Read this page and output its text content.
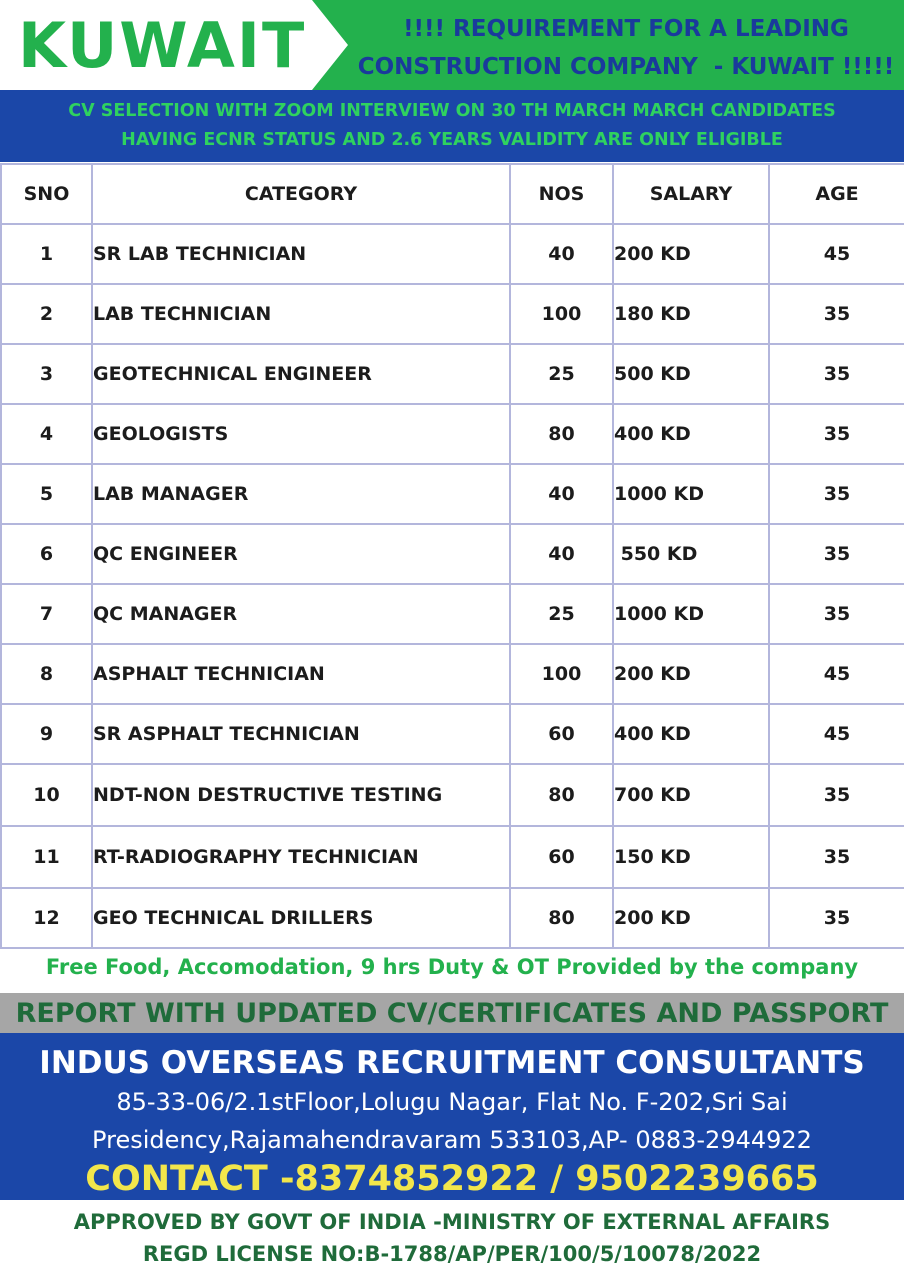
KUWAIT	!!!! REQUIREMENT FOR A LEADING
CONSTRUCTION COMPANY  - KUWAIT !!!!!
CV SELECTION WITH ZOOM INTERVIEW ON 30 TH MARCH MARCH CANDIDATES
HAVING ECNR STATUS AND 2.6 YEARS VALIDITY ARE ONLY ELIGIBLE
SNO	CATEGORY	NOS	SALARY	AGE
1	SR LAB TECHNICIAN	40	200 KD	45
2	LAB TECHNICIAN	100	180 KD	35
3	GEOTECHNICAL ENGINEER	25	500 KD	35
4	GEOLOGISTS	80	400 KD	35
5	LAB MANAGER	40	1000 KD	35
6	QC ENGINEER	40	550 KD	35
7	QC MANAGER	25	1000 KD	35
8	ASPHALT TECHNICIAN	100	200 KD	45
9	SR ASPHALT TECHNICIAN	60	400 KD	45
10	NDT-NON DESTRUCTIVE TESTING	80	700 KD	35
11	RT-RADIOGRAPHY TECHNICIAN	60	150 KD	35
12	GEO TECHNICAL DRILLERS	80	200 KD	35
Free Food, Accomodation, 9 hrs Duty & OT Provided by the company
REPORT WITH UPDATED CV/CERTIFICATES AND PASSPORT
INDUS OVERSEAS RECRUITMENT CONSULTANTS
85-33-06/2.1stFloor,Lolugu Nagar, Flat No. F-202,Sri Sai
Presidency,Rajamahendravaram 533103,AP- 0883-2944922
CONTACT -8374852922 / 9502239665
APPROVED BY GOVT OF INDIA -MINISTRY OF EXTERNAL AFFAIRS
REGD LICENSE NO:B-1788/AP/PER/100/5/10078/2022
